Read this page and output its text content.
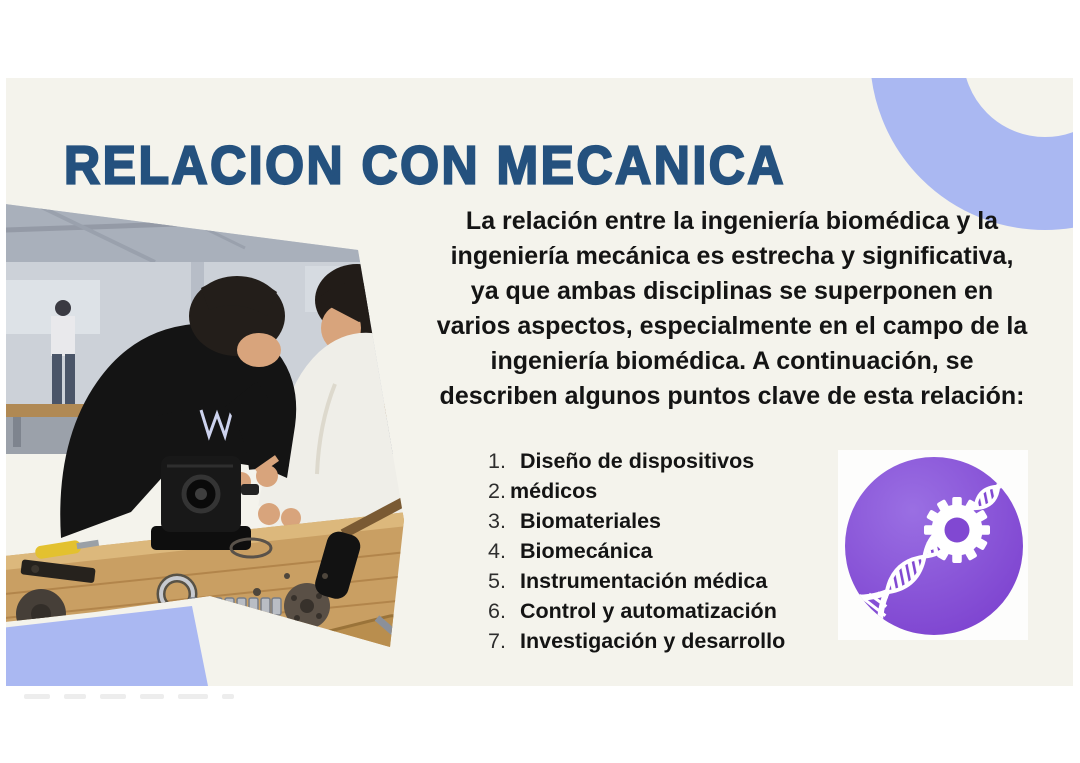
RELACION CON MECANICA
La relación entre la ingeniería biomédica y la
ingeniería mecánica es estrecha y significativa,
ya que ambas disciplinas se superponen en
varios aspectos, especialmente en el campo de la
ingeniería biomédica. A continuación, se
describen algunos puntos clave de esta relación:
1. Diseño de dispositivos
2. médicos
3. Biomateriales
4. Biomecánica
5. Instrumentación médica
6. Control y automatización
7. Investigación y desarrollo
